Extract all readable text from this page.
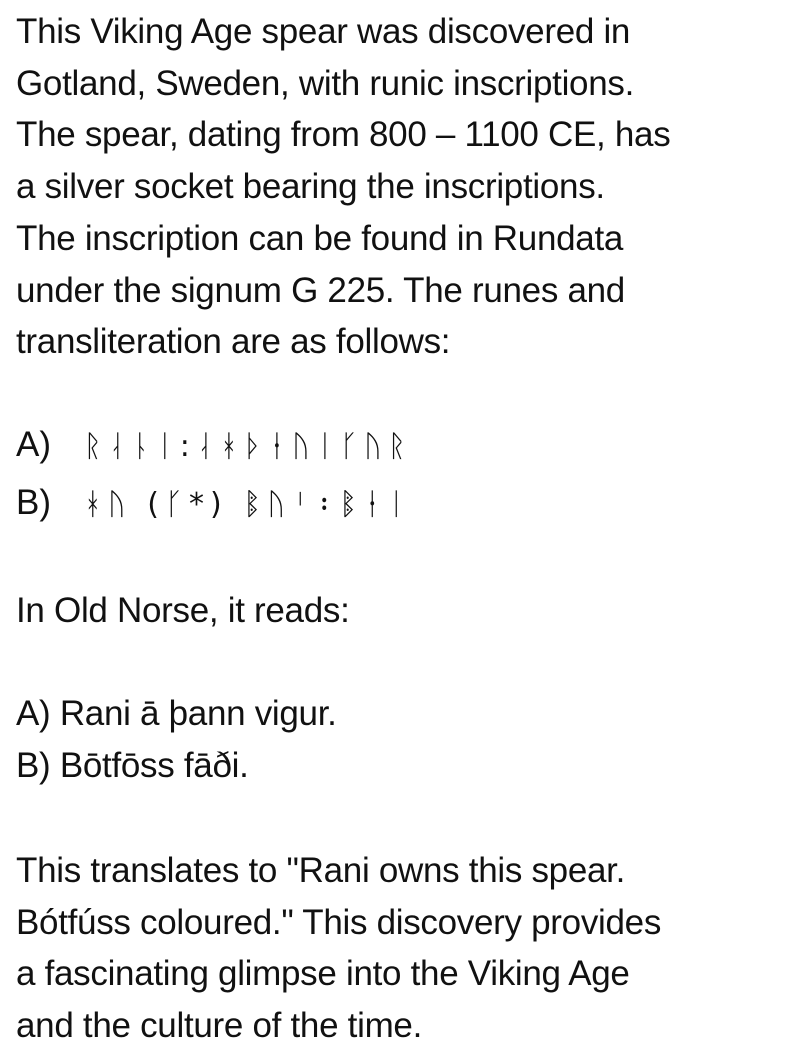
This Viking Age spear was discovered in
Gotland, Sweden, with runic inscriptions.
The spear, dating from 800 – 1100 CE, has
a silver socket bearing the inscriptions.
The inscription can be found in Rundata
under the signum G 225. The runes and
transliteration are as follows:
A) ᚱᛆᚿᛁ:ᛆᚼᚦᚽᚢᛁᚴᚢᚱ
B) ᚼᚢ (ᚴ*) ᛔᚢᛌ᛬ᛔᚽᛁ
In Old Norse, it reads:
A) Rani ā þann vigur.
B) Bōtfōss fāði.
This translates to "Rani owns this spear.
Bótfúss coloured." This discovery provides
a fascinating glimpse into the Viking Age
and the culture of the time.
